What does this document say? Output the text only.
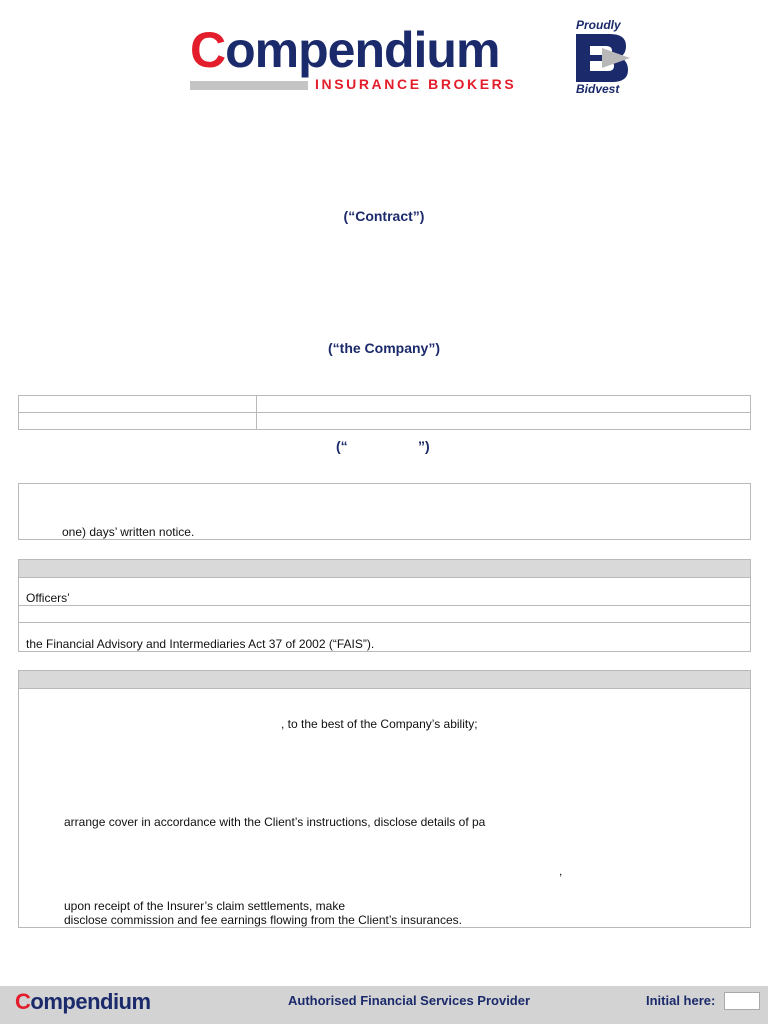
Compendium
INSURANCE BROKERS
Proudly
Bidvest
(“Contract”)
(“the Company”)
(“	”)
one) days’ written notice.
Officers’
the Financial Advisory and Intermediaries Act 37 of 2002 (“FAIS”).
, to the best of the Company’s ability;
arrange cover in accordance with the Client’s instructions, disclose details of pa
,
upon receipt of the Insurer’s claim settlements, make
disclose commission and fee earnings flowing from the Client’s insurances.
Compendium	Authorised Financial Services Provider	Initial here:
